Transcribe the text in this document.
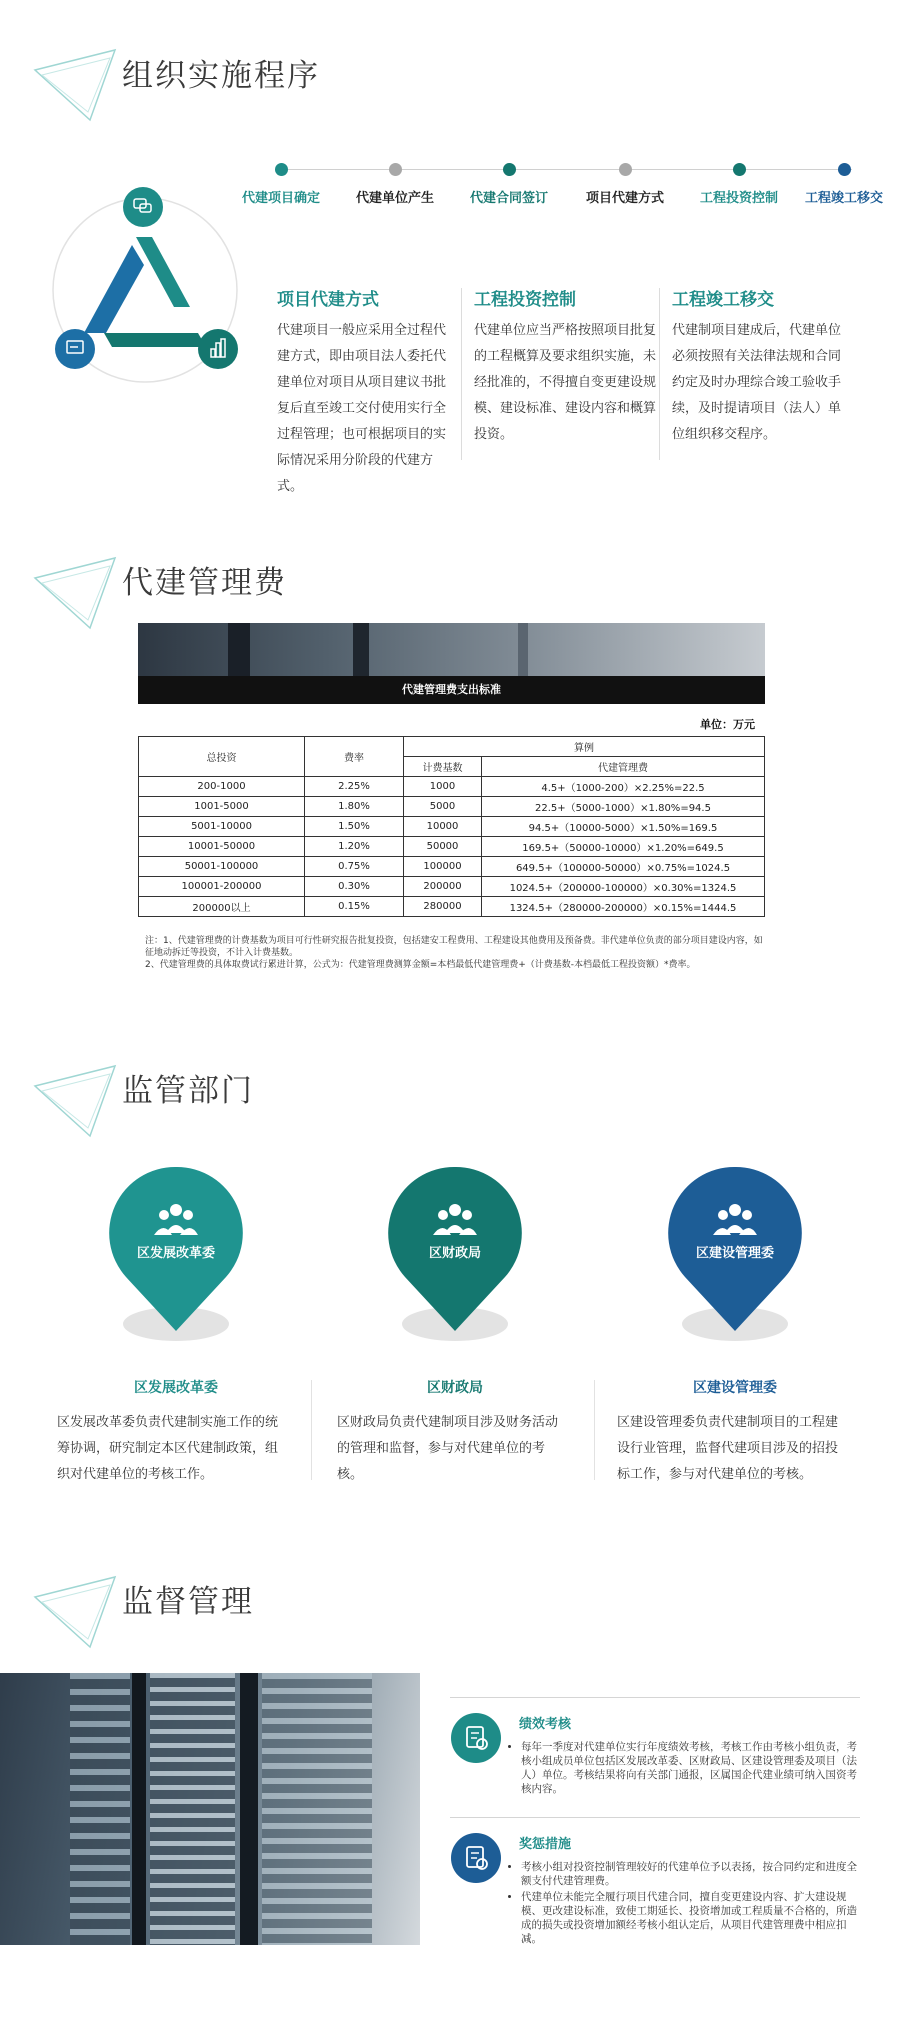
组织实施程序
代建项目确定	代建单位产生	代建合同签订	项目代建方式	工程投资控制 工程竣工移交
项目代建方式
代建项目一般应采用全过程代建方式，即由项目法人委托代建单位对项目从项目建议书批复后直至竣工交付使用实行全过程管理；也可根据项目的实际情况采用分阶段的代建方式。
工程投资控制
代建单位应当严格按照项目批复的工程概算及要求组织实施，未经批准的，不得擅自变更建设规模、建设标准、建设内容和概算投资。
工程竣工移交
代建制项目建成后，代建单位必须按照有关法律法规和合同约定及时办理综合竣工验收手续，及时提请项目（法人）单位组织移交程序。
代建管理费
代建管理费支出标准
单位：万元
总投资	费率	算例	
		计费基数	代建管理费
200-1000	2.25%	1000	4.5+（1000-200）×2.25%=22.5
1001-5000	1.80%	5000	22.5+（5000-1000）×1.80%=94.5
5001-10000	1.50%	10000	94.5+（10000-5000）×1.50%=169.5
10001-50000	1.20%	50000	169.5+（50000-10000）×1.20%=649.5
50001-100000	0.75%	100000	649.5+（100000-50000）×0.75%=1024.5
100001-200000	0.30%	200000	1024.5+（200000-100000）×0.30%=1324.5
200000以上	0.15%	280000	1324.5+（280000-200000）×0.15%=1444.5
注：1、代建管理费的计费基数为项目可行性研究报告批复投资，包括建安工程费用、工程建设其他费用及预备费。非代建单位负责的部分项目建设内容，如征地动拆迁等投资，不计入计费基数。
2、代建管理费的具体取费试行累进计算，公式为：代建管理费测算金额=本档最低代建管理费+（计费基数-本档最低工程投资额）*费率。
监管部门
区发展改革委	区财政局	区建设管理委
区发展改革委	区财政局	区建设管理委
区发展改革委负责代建制实施工作的统筹协调，研究制定本区代建制政策，组织对代建单位的考核工作。
区财政局负责代建制项目涉及财务活动的管理和监督，参与对代建单位的考核。
区建设管理委负责代建制项目的工程建设行业管理，监督代建项目涉及的招投标工作，参与对代建单位的考核。
监督管理
绩效考核
• 每年一季度对代建单位实行年度绩效考核，考核工作由考核小组负责，考核小组成员单位包括区发展改革委、区财政局、区建设管理委及项目（法人）单位。考核结果将向有关部门通报，区属国企代建业绩可纳入国资考核内容。
奖惩措施
• 考核小组对投资控制管理较好的代建单位予以表扬，按合同约定和进度全额支付代建管理费。
• 代建单位未能完全履行项目代建合同，擅自变更建设内容、扩大建设规模、更改建设标准，致使工期延长、投资增加或工程质量不合格的，所造成的损失或投资增加额经考核小组认定后，从项目代建管理费中相应扣减。
